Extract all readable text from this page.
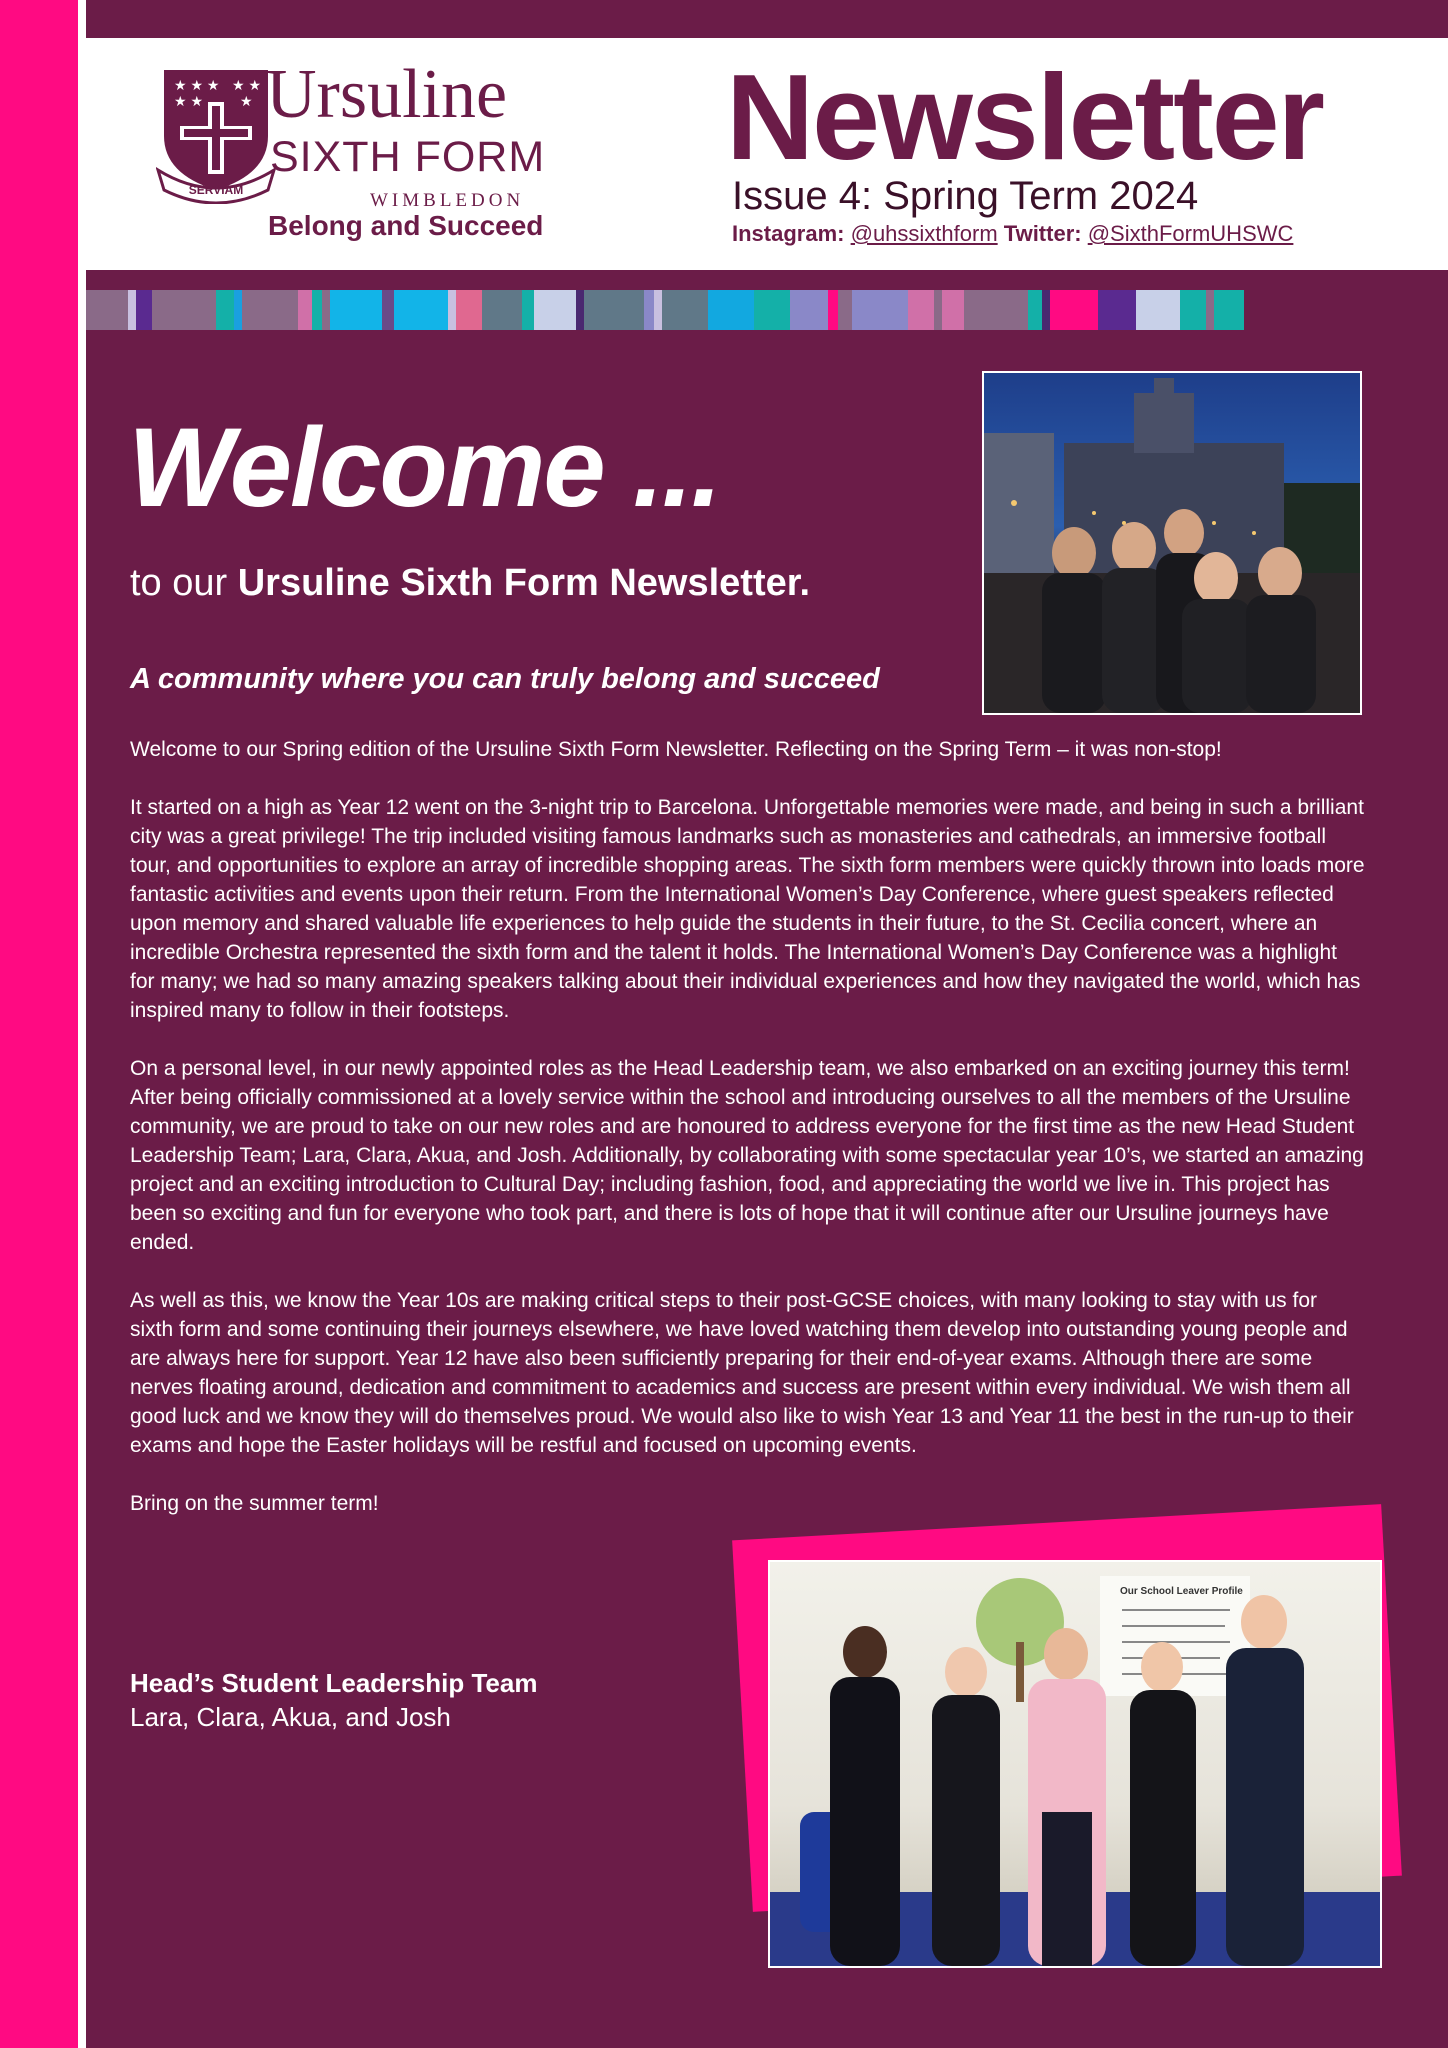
★ ★ ★ ★ ★
★ ★	★
SERVIAM
Ursuline
SIXTH FORM
WIMBLEDON
Belong and Succeed
Newsletter
Issue 4: Spring Term 2024
Instagram: @uhssixthform Twitter: @SixthFormUHSWC
Welcome ...
to our Ursuline Sixth Form Newsletter.
A community where you can truly belong and succeed

Welcome to our Spring edition of the Ursuline Sixth Form Newsletter. Reflecting on the Spring Term – it was non-stop!

It started on a high as Year 12 went on the 3-night trip to Barcelona. Unforgettable memories were made, and being in such a brilliant city was a great privilege! The trip included visiting famous landmarks such as monasteries and cathedrals, an immersive football tour, and opportunities to explore an array of incredible shopping areas. The sixth form members were quickly thrown into loads more fantastic activities and events upon their return. From the International Women’s Day Conference, where guest speakers reflected upon memory and shared valuable life experiences to help guide the students in their future, to the St. Cecilia concert, where an incredible Orchestra represented the sixth form and the talent it holds. The International Women’s Day Conference was a highlight for many; we had so many amazing speakers talking about their individual experiences and how they navigated the world, which has inspired many to follow in their footsteps.

On a personal level, in our newly appointed roles as the Head Leadership team, we also embarked on an exciting journey this term! After being officially commissioned at a lovely service within the school and introducing ourselves to all the members of the Ursuline community, we are proud to take on our new roles and are honoured to address everyone for the first time as the new Head Student Leadership Team; Lara, Clara, Akua, and Josh. Additionally, by collaborating with some spectacular year 10’s, we started an amazing project and an exciting introduction to Cultural Day; including fashion, food, and appreciating the world we live in. This project has been so exciting and fun for everyone who took part, and there is lots of hope that it will continue after our Ursuline journeys have ended.

As well as this, we know the Year 10s are making critical steps to their post-GCSE choices, with many looking to stay with us for sixth form and some continuing their journeys elsewhere, we have loved watching them develop into outstanding young people and are always here for support. Year 12 have also been sufficiently preparing for their end-of-year exams. Although there are some nerves floating around, dedication and commitment to academics and success are present within every individual. We wish them all good luck and we know they will do themselves proud. We would also like to wish Year 13 and Year 11 the best in the run-up to their exams and hope the Easter holidays will be restful and focused on upcoming events.

Bring on the summer term!

Head’s Student Leadership Team
Lara, Clara, Akua, and Josh
Our School Leaver Profile
